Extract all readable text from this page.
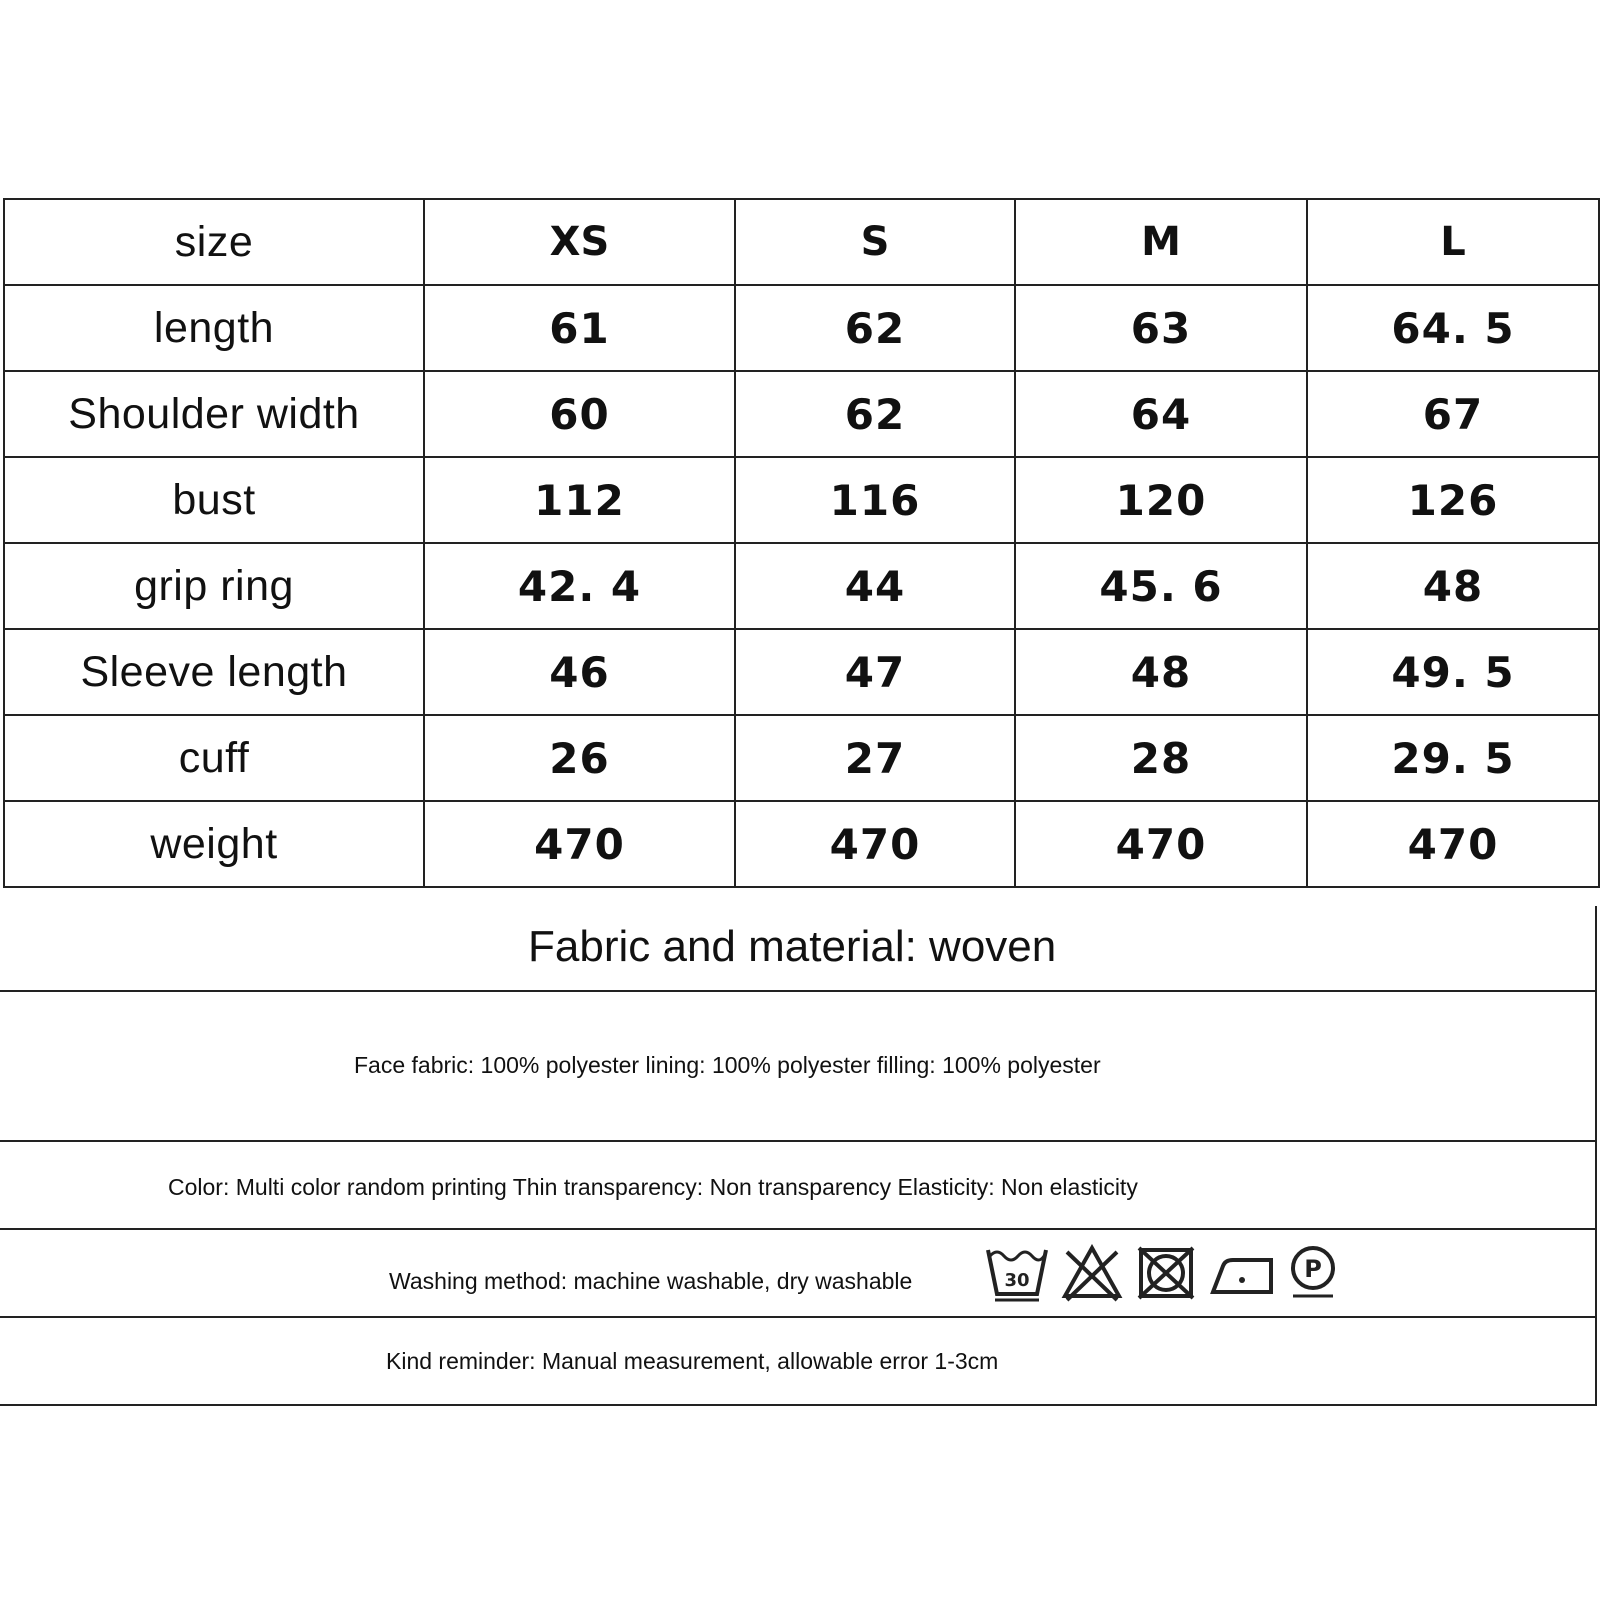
size	XS	S	M	L
length	61	62	63	64. 5
Shoulder width	60	62	64	67
bust	112	116	120	126
grip ring	42. 4	44	45. 6	48
Sleeve length	46	47	48	49. 5
cuff	26	27	28	29. 5
weight	470	470	470	470
Fabric and material: woven
Face fabric: 100% polyester lining: 100% polyester filling: 100% polyester
Color: Multi color random printing Thin transparency: Non transparency Elasticity: Non elasticity
Washing method: machine washable, dry washable	30	P
Kind reminder: Manual measurement, allowable error 1-3cm
